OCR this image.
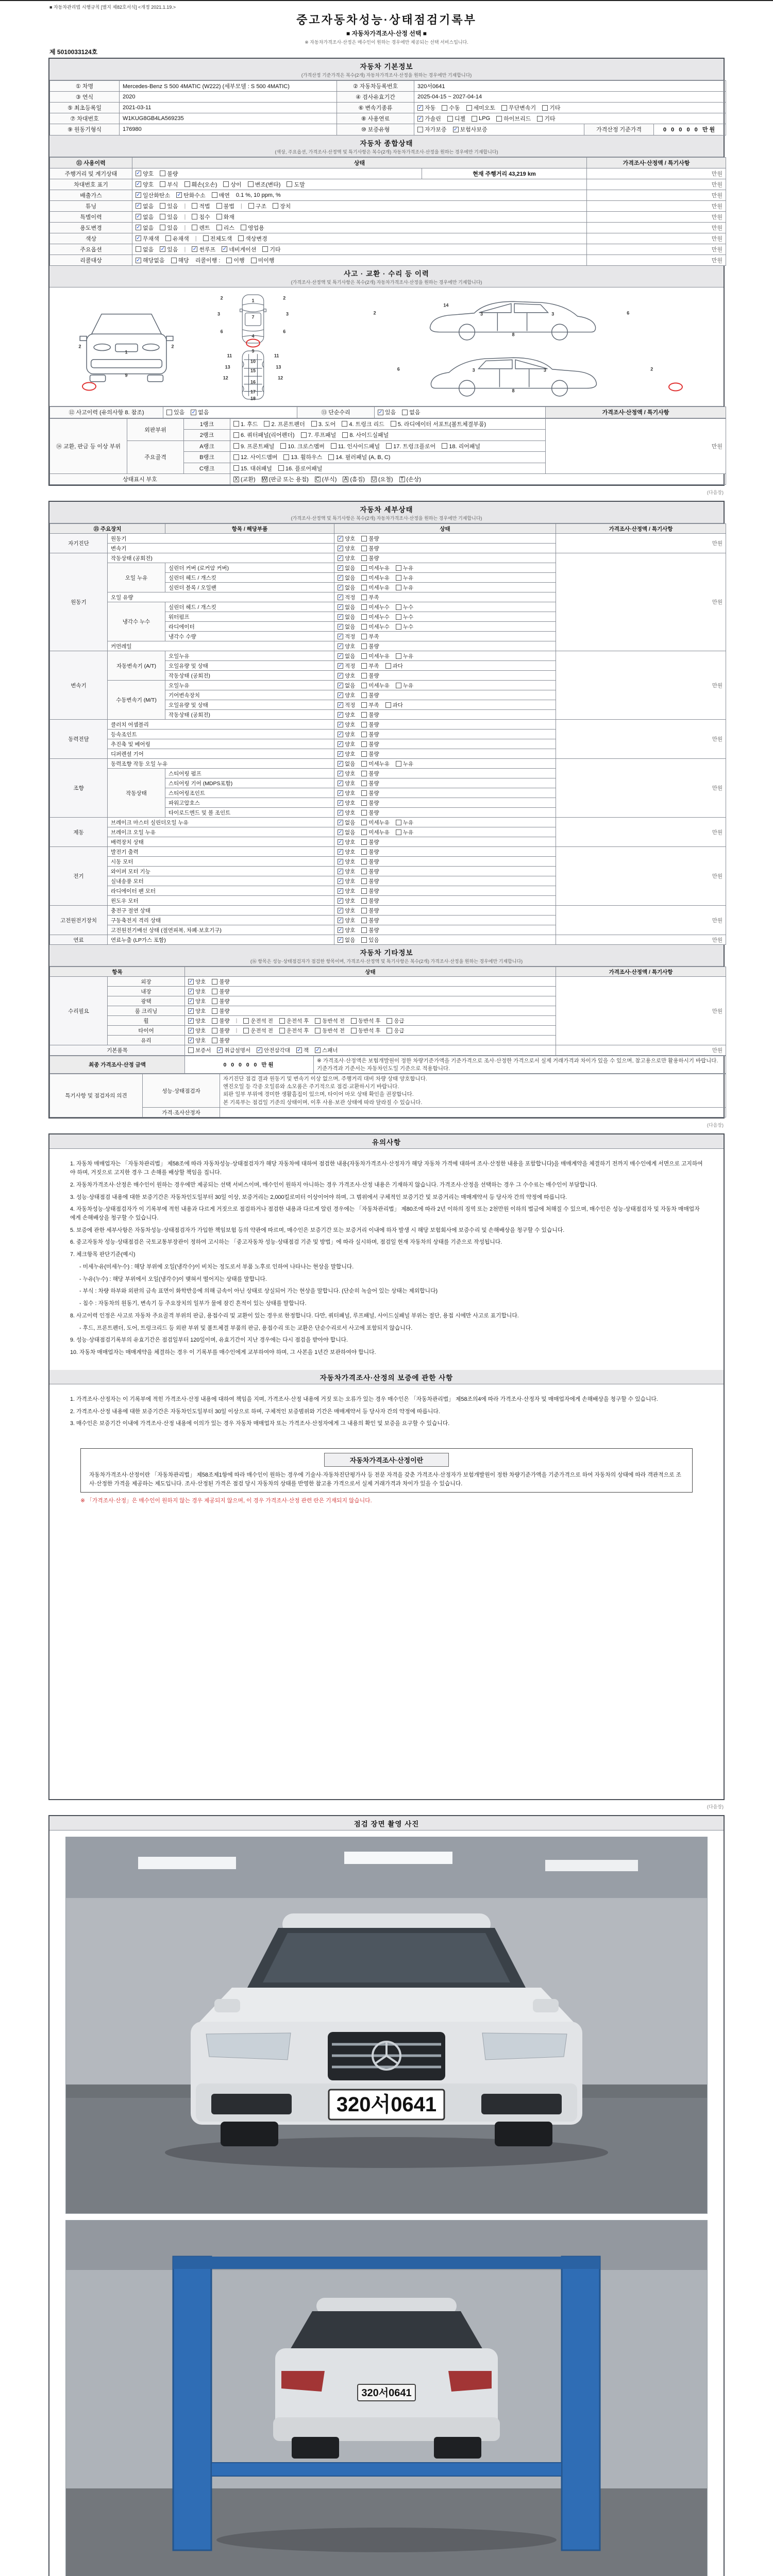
■ 자동차관리법 시행규칙 [별지 제82호서식] <개정 2021.1.19.>
중고자동차성능·상태점검기록부
■ 자동차가격조사·산정 선택 ■
※ 자동차가격조사·산정은 매수인이 원하는 경우에만 제공되는 선택 서비스입니다.
제 5010033124호
자동차 기본정보
(가격산정 기준가격은 복수(2개) 자동차가격조사·산정을 원하는 경우에만 기재합니다)
① 차명	Mercedes-Benz S 500 4MATIC (W222) (세부모델 : S 500 4MATIC)	② 자동차등록번호	320서0641		
③ 연식	2020	④ 검사유효기간	2025-04-15 ~ 2027-04-14		
⑤ 최초등록일	2021-03-11	⑥ 변속기종류	✓ 자동 수동 세미오토 무단변속기 기타

⑦ 차대번호	W1KUG8GB4LA569235	⑧ 사용연료	✓ 가솔린 디젤 LPG 하이브리드 기타

⑨ 원동기형식	176980	⑩ 보증유형	자가보증 ✓ 보험사보증	가격산정 기준가격	0 0 0 0 0 만원
자동차 종합상태
(색상, 주요옵션, 가격조사·산정액 및 특기사항은 복수(2개) 자동차가격조사·산정을 원하는 경우에만 기재합니다)
⑪ 사용이력	상태		가격조사·산정액 / 특기사항
주행거리 및 계기상태	✓ 양호 불량	현재 주행거리 43,219 km	만원
차대번호 표기	✓ 양호 부식 훼손(오손) 상이 변조(변타) 도말	만원
배출가스	✓ 일산화탄소 ✓ 탄화수소 매연 0.1 %, 10 ppm, %	만원
튜닝	✓ 없음 있음 | 적법 불법 | 구조 장치	만원
특별이력	✓ 없음 있음 | 침수 화재	만원
용도변경	✓ 없음 있음 | 렌트 리스 영업용	만원
색상	✓ 무채색 유채색 | 전체도색 색상변경	만원
주요옵션	없음 ✓ 있음 | ✓ 썬루프 ✓ 네비게이션 기타	만원
리콜대상	✓ 해당없음 해당 리콜이행 : 이행 미이행	만원
사고 · 교환 · 수리 등 이력
(가격조사·산정액 및 특기사항은 복수(2개) 자동차가격조사·산정을 원하는 경우에만 기재합니다)
2
1
2
9
2
1
2
3
7
3
6
4
6
2
14
3	3	6
8
9
11	11
10
13	13
15
12	12
16
17
18
6	3	3	2
8
⑫ 사고이력 (유의사항 8. 참조)	있음 ✓ 없음	⑬ 단순수리	✓ 있음 없음	가격조사·산정액 / 특기사항
⑭ 교환, 판금 등 이상 부위	외판부위	1랭크	1. 후드 2. 프론트펜더 3. 도어 4. 트렁크 리드 5. 라디에이터 서포트(볼트체결부품)	만원
		2랭크	6. 쿼터패널(리어펜더) 7. 루프패널 8. 사이드실패널	

	주요골격	A랭크	9. 프론트패널 10. 크로스멤버 11. 인사이드패널 17. 트렁크플로어 18. 리어패널	

		B랭크	12. 사이드멤버 13. 휠하우스 14. 필러패널 (A, B, C)	

		C랭크	15. 대쉬패널 16. 플로어패널	

상태표시 부호	X (교환) W (판금 또는 용접) C (부식) A (흠집) U (요철) T (손상)
(다음장)
자동차 세부상태
(가격조사·산정액 및 특기사항은 복수(2개) 자동차가격조사·산정을 원하는 경우에만 기재합니다)
⑮ 주요장치		항목 / 해당부품	상태	가격조사·산정액 / 특기사항
자기진단	원동기		✓ 양호 불량	만원
	변속기		✓ 양호 불량	

원동기	작동상태 (공회전)		✓ 양호 불량	만원
	오일 누유	실린더 커버 (로커암 커버)	✓ 없음 미세누유 누유	

		실린더 헤드 / 개스킷	✓ 없음 미세누유 누유	

		실린더 블록 / 오일팬	✓ 없음 미세누유 누유	

	오일 유량		✓ 적정 부족	

	냉각수 누수	실린더 헤드 / 개스킷	✓ 없음 미세누수 누수	

		워터펌프	✓ 없음 미세누수 누수	

		라디에이터	✓ 없음 미세누수 누수	

		냉각수 수량	✓ 적정 부족	

	커먼레일		✓ 양호 불량	

변속기	자동변속기 (A/T)	오일누유	✓ 없음 미세누유 누유	만원
		오일유량 및 상태	✓ 적정 부족 과다	

		작동상태 (공회전)	✓ 양호 불량	

	수동변속기 (M/T)	오일누유	✓ 없음 미세누유 누유	

		기어변속장치	✓ 양호 불량	

		오일유량 및 상태	✓ 적정 부족 과다	

		작동상태 (공회전)	✓ 양호 불량	

동력전달	클러치 어셈블리		✓ 양호 불량	만원
	등속조인트		✓ 양호 불량	

	추진축 및 베어링		✓ 양호 불량	

	디퍼렌셜 기어		✓ 양호 불량	

조향	동력조향 작동 오일 누유		✓ 없음 미세누유 누유	만원
	작동상태	스티어링 펌프	✓ 양호 불량	

		스티어링 기어 (MDPS포함)	✓ 양호 불량	

		스티어링조인트	✓ 양호 불량	

		파워고압호스	✓ 양호 불량	

		타이로드엔드 및 볼 조인트	✓ 양호 불량	

제동	브레이크 마스터 실린더오일 누유		✓ 없음 미세누유 누유	만원
	브레이크 오일 누유		✓ 없음 미세누유 누유	

	배력장치 상태		✓ 양호 불량	

전기	발전기 출력		✓ 양호 불량	만원
	시동 모터		✓ 양호 불량	

	와이퍼 모터 기능		✓ 양호 불량	

	실내송풍 모터		✓ 양호 불량	

	라디에이터 팬 모터		✓ 양호 불량	

	윈도우 모터		✓ 양호 불량	

고전원전기장치	충전구 절연 상태		✓ 양호 불량	만원
	구동축전지 격리 상태		✓ 양호 불량	

	고전원전기배선 상태 (절연피복, 차폐·보호기구)		✓ 양호 불량	

연료	연료누출 (LP가스 포함)		✓ 없음 있음	만원
자동차 기타정보
(⑯ 항목은 성능·상태점검자가 점검한 항목이며, 가격조사·산정액 및 특기사항은 복수(2개) 가격조사·산정을 원하는 경우에만 기재합니다)
항목		상태	가격조사·산정액 / 특기사항
수리필요	외장	✓ 양호 불량	만원
	내장	✓ 양호 불량	

	광택	✓ 양호 불량	

	룸 크리닝	✓ 양호 불량	

휠	✓ 양호 불량 | 운전석 전 운전석 후 동반석 전 동반석 후 응급

타이어	✓ 양호 불량 | 운전석 전 운전석 후 동반석 전 동반석 후 응급

	유리	✓ 양호 불량	

기본품목	보증서 ✓ 취급설명서 ✓ 안전삼각대 ✓ 잭 ✓ 스패너	만원
최종 가격조사·산정 금액	0 0 0 0 0 만원	※ 가격조사·산정액은 보험개발원이 정한 차량기준가액을 기준가격으로 조사·산정한 가격으로서 실제 거래가격과 차이가 있을 수 있으며, 참고용으로만 활용하시기 바랍니다. 기준가격과 기준서는 자동차인도일 기준으로 적용합니다.
특기사항 및 점검자의 의견	성능·상태점검자	자기진단 점검 결과 원동기 및 변속기 이상 없으며, 주행거리 대비 차량 상태 양호합니다.
엔진오일 등 각종 오일류와 소모품은 주기적으로 점검·교환하시기 바랍니다.
외판 일부 부위에 경미한 생활흠집이 있으며, 타이어 마모 상태 확인을 권장합니다.
본 기록부는 점검일 기준의 상태이며, 이후 사용·보관 상태에 따라 달라질 수 있습니다.

	가격·조사산정자	
(다음장)
유의사항
1. 자동차 매매업자는 「자동차관리법」 제58조에 따라 자동차성능·상태점검자가 해당 자동차에 대하여 점검한 내용(자동차가격조사·산정자가 해당 자동차 가격에 대하여 조사·산정한 내용을 포함합니다)을 매매계약을 체결하기 전까지 매수인에게 서면으로 고지하여야 하며, 거짓으로 고지한 경우 그 손해를 배상할 책임을 집니다.
2. 자동차가격조사·산정은 매수인이 원하는 경우에만 제공되는 선택 서비스이며, 매수인이 원하지 아니하는 경우 가격조사·산정 내용은 기재하지 않습니다. 가격조사·산정을 선택하는 경우 그 수수료는 매수인이 부담합니다.
3. 성능·상태점검 내용에 대한 보증기간은 자동차인도일부터 30일 이상, 보증거리는 2,000킬로미터 이상이어야 하며, 그 범위에서 구체적인 보증기간 및 보증거리는 매매계약서 등 당사자 간의 약정에 따릅니다.
4. 자동차성능·상태점검자가 이 기록부에 적힌 내용과 다르게 거짓으로 점검하거나 점검한 내용과 다르게 알린 경우에는 「자동차관리법」 제80조에 따라 2년 이하의 징역 또는 2천만원 이하의 벌금에 처해질 수 있으며, 매수인은 성능·상태점검자 및 자동차 매매업자에게 손해배상을 청구할 수 있습니다.
5. 보증에 관한 세부사항은 자동차성능·상태점검자가 가입한 책임보험 등의 약관에 따르며, 매수인은 보증기간 또는 보증거리 이내에 하자 발생 시 해당 보험회사에 보증수리 및 손해배상을 청구할 수 있습니다.
6. 중고자동차 성능·상태점검은 국토교통부장관이 정하여 고시하는 「중고자동차 성능·상태점검 기준 및 방법」에 따라 실시하며, 점검일 현재 자동차의 상태를 기준으로 작성됩니다.
7. 체크항목 판단기준(예시)
- 미세누유(미세누수) : 해당 부위에 오일(냉각수)이 비치는 정도로서 부품 노후로 인하여 나타나는 현상을 말합니다.
- 누유(누수) : 해당 부위에서 오일(냉각수)이 맺혀서 떨어지는 상태를 말합니다.
- 부식 : 차량 하부와 외판의 금속 표면이 화학반응에 의해 금속이 아닌 상태로 상실되어 가는 현상을 말합니다. (단순히 녹슬어 있는 상태는 제외합니다)
- 침수 : 자동차의 원동기, 변속기 등 주요장치의 일부가 물에 잠긴 흔적이 있는 상태를 말합니다.
8. 사고이력 인정은 사고로 자동차 주요골격 부위의 판금, 용접수리 및 교환이 있는 경우로 한정합니다. 다만, 쿼터패널, 루프패널, 사이드실패널 부위는 절단, 용접 시에만 사고로 표기합니다.
- 후드, 프론트펜더, 도어, 트렁크리드 등 외판 부위 및 볼트체결 부품의 판금, 용접수리 또는 교환은 단순수리로서 사고에 포함되지 않습니다.
9. 성능·상태점검기록부의 유효기간은 점검일부터 120일이며, 유효기간이 지난 경우에는 다시 점검을 받아야 합니다.
10. 자동차 매매업자는 매매계약을 체결하는 경우 이 기록부를 매수인에게 교부하여야 하며, 그 사본을 1년간 보관하여야 합니다.
자동차가격조사·산정의 보증에 관한 사항
1. 가격조사·산정자는 이 기록부에 적힌 가격조사·산정 내용에 대하여 책임을 지며, 가격조사·산정 내용에 거짓 또는 오류가 있는 경우 매수인은 「자동차관리법」 제58조의4에 따라 가격조사·산정자 및 매매업자에게 손해배상을 청구할 수 있습니다.
2. 가격조사·산정 내용에 대한 보증기간은 자동차인도일부터 30일 이상으로 하며, 구체적인 보증범위와 기간은 매매계약서 등 당사자 간의 약정에 따릅니다.
3. 매수인은 보증기간 이내에 가격조사·산정 내용에 이의가 있는 경우 자동차 매매업자 또는 가격조사·산정자에게 그 내용의 확인 및 보증을 요구할 수 있습니다.
자동차가격조사·산정이란
자동차가격조사·산정이란 「자동차관리법」 제58조제1항에 따라 매수인이 원하는 경우에 기술사·자동차진단평가사 등 전문 자격을 갖춘 가격조사·산정자가 보험개발원이 정한 차량기준가액을 기준가격으로 하여 자동차의 상태에 따라 객관적으로 조사·산정한 가격을 제공하는 제도입니다. 조사·산정된 가격은 점검 당시 자동차의 상태를 반영한 참고용 가격으로서 실제 거래가격과 차이가 있을 수 있습니다.
※ 「가격조사·산정」은 매수인이 원하지 않는 경우 제공되지 않으며, 이 경우 가격조사·산정 관련 란은 기재되지 않습니다.
(다음장)
점검 장면 촬영 사진
320서0641
320서0641
